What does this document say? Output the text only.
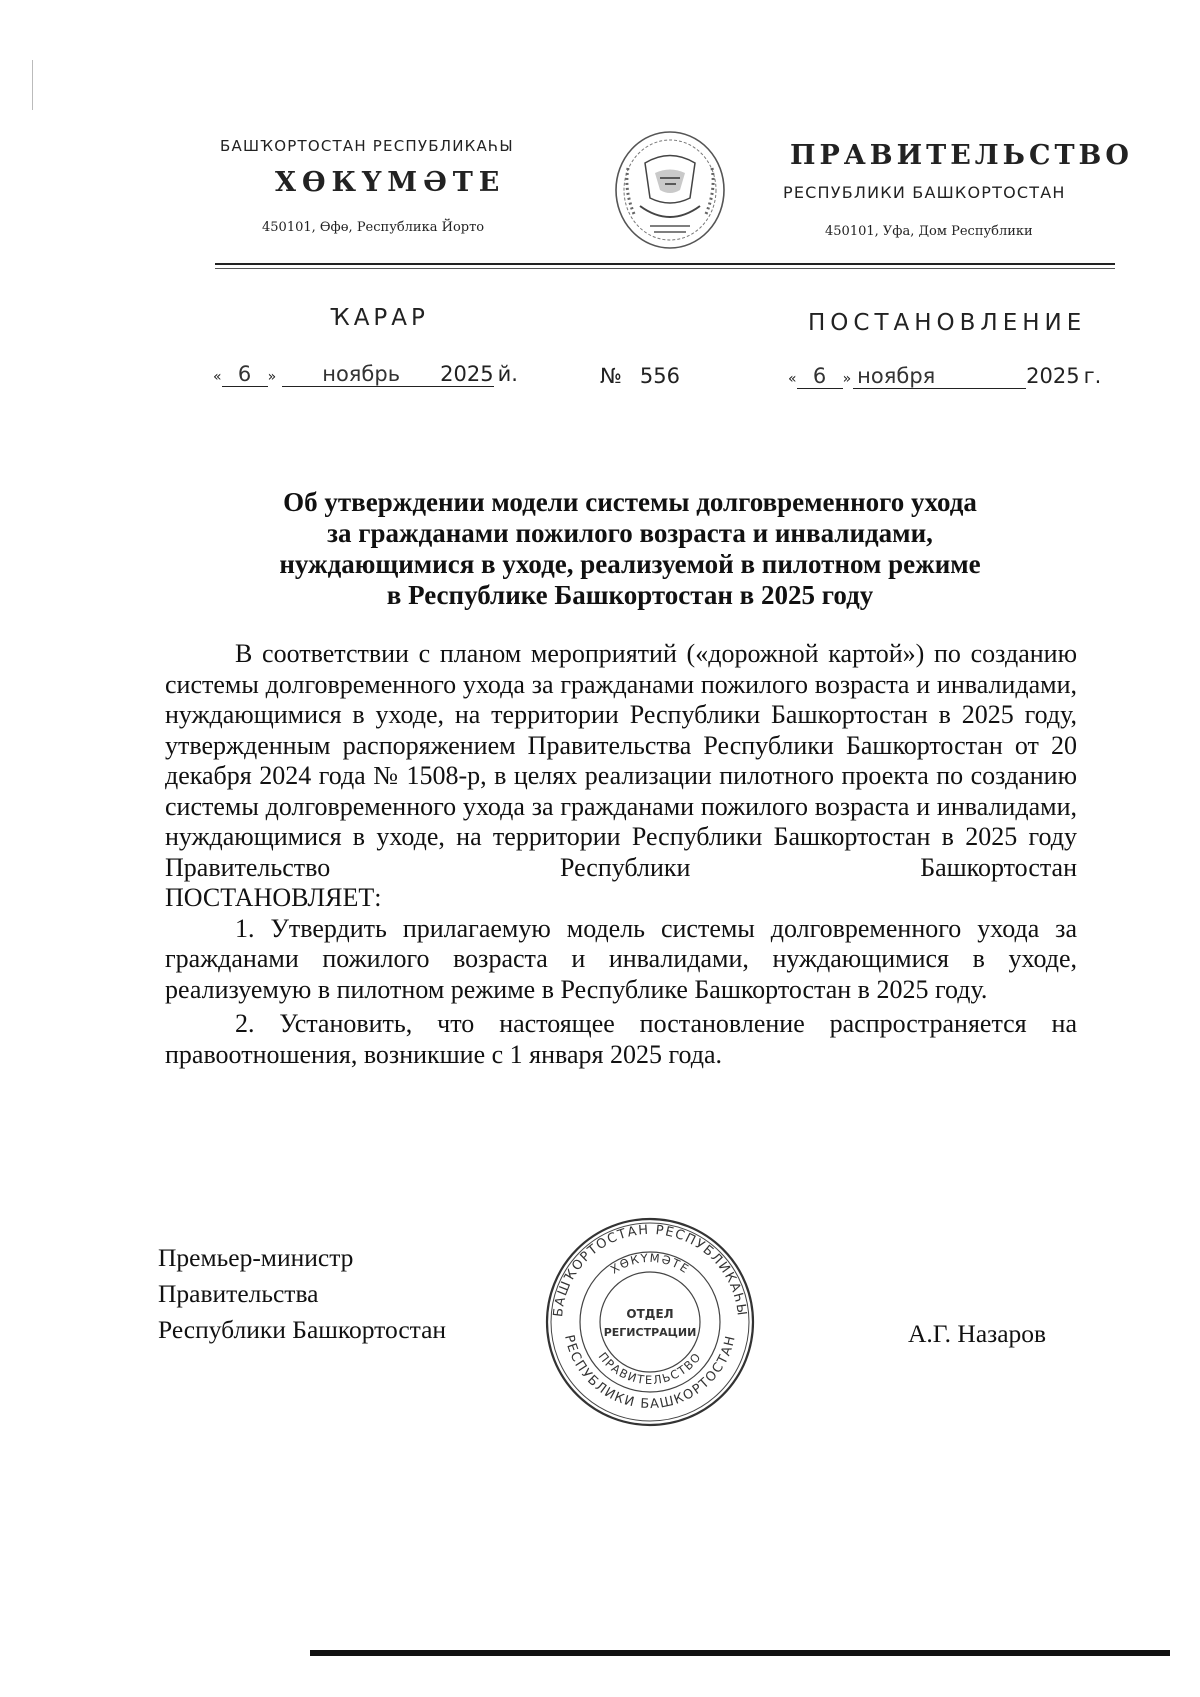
БАШҠОРТОСТАН РЕСПУБЛИКАҺЫ
ХӨКҮМӘТЕ
450101, Өфө, Республика Йорто
ПРАВИТЕЛЬСТВО
РЕСПУБЛИКИ БАШКОРТОСТАН
450101, Уфа, Дом Республики
ҠАРАР	ПОСТАНОВЛЕНИЕ
« 6	»	ноябрь	2025 й.	№ 556	« 6	» ноября	2025 г.
Об утверждении модели системы долговременного ухода
за гражданами пожилого возраста и инвалидами,
нуждающимися в уходе, реализуемой в пилотном режиме
в Республике Башкортостан в 2025 году

В соответствии с планом мероприятий («дорожной картой») по созданию системы долговременного ухода за гражданами пожилого возраста и инвалидами, нуждающимися в уходе, на территории Республики Башкортостан в 2025 году, утвержденным распоряжением Правительства Республики Башкортостан от 20 декабря 2024 года № 1508-р, в целях реализации пилотного проекта по созданию системы долговременного ухода за гражданами пожилого возраста и инвалидами, нуждающимися в уходе, на территории Республики Башкортостан в 2025 году Правительство Республики Башкортостан

ПОСТАНОВЛЯЕТ:

1. Утвердить прилагаемую модель системы долговременного ухода за гражданами пожилого возраста и инвалидами, нуждающимися в уходе, реализуемую в пилотном режиме в Республике Башкортостан в 2025 году.

2. Установить, что настоящее постановление распространяется на правоотношения, возникшие с 1 января 2025 года.

Премьер-министр
Правительства
Республики Башкортостан	А.Г. Назаров
БАШҠОРТОСТАН РЕСПУБЛИКАҺЫ
РЕСПУБЛИКИ БАШКОРТОСТАН
ХӨКҮМӘТЕ
ПРАВИТЕЛЬСТВО
ОТДЕЛ
РЕГИСТРАЦИИ
